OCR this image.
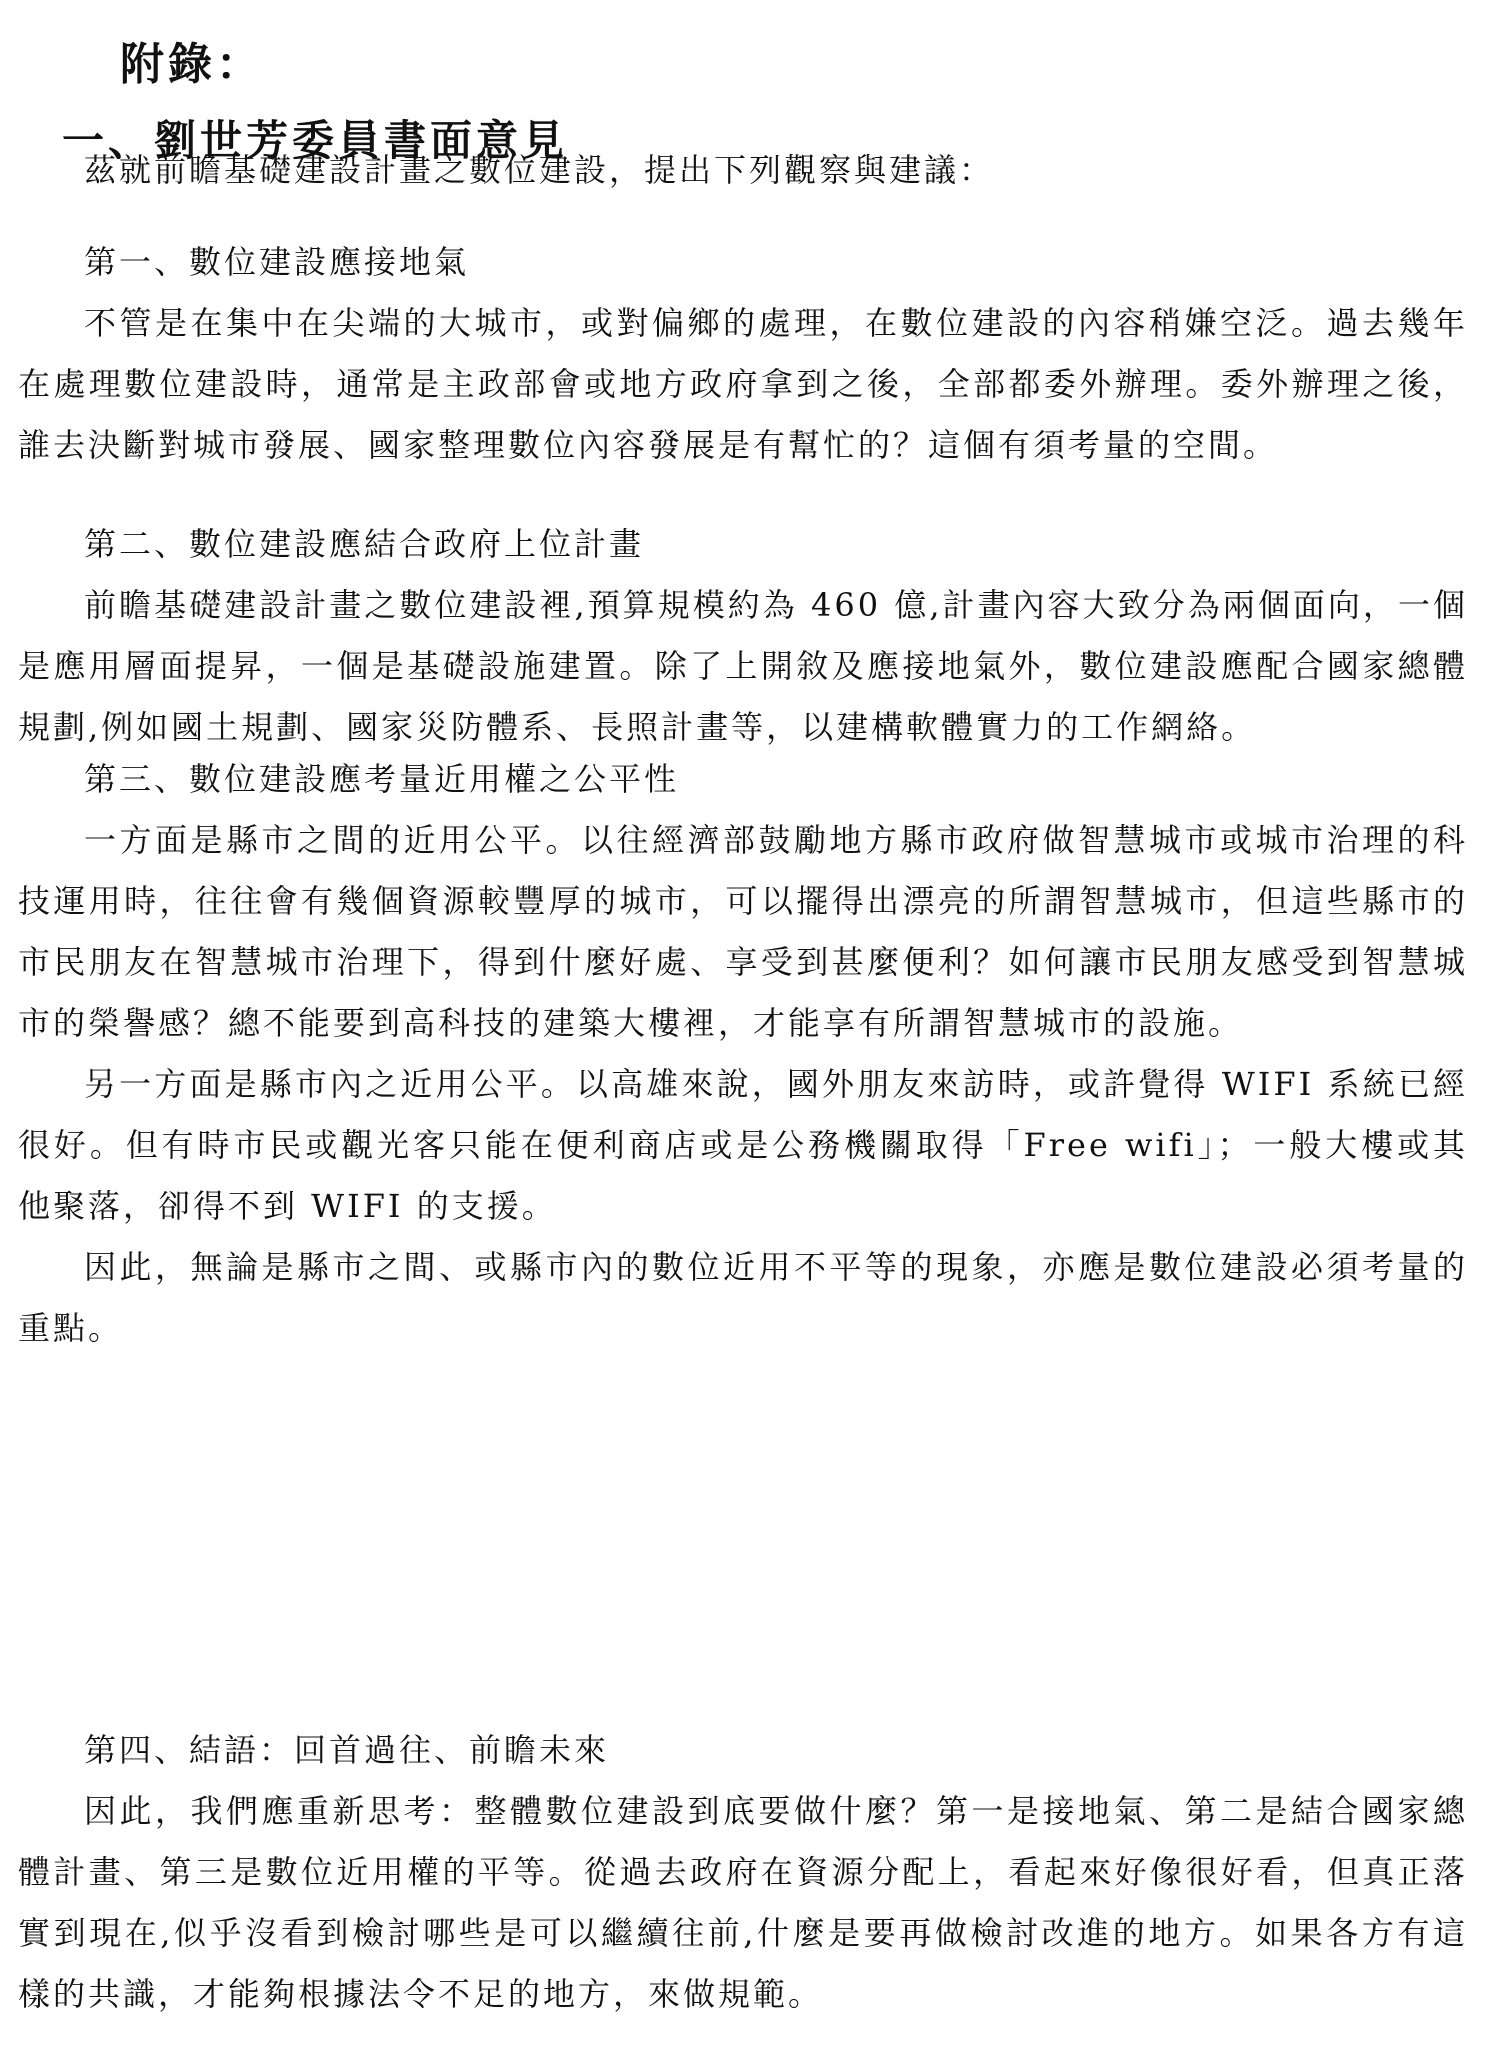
附錄：
一、劉世芳委員書面意見

茲就前瞻基礎建設計畫之數位建設，提出下列觀察與建議：

第一、數位建設應接地氣

不管是在集中在尖端的大城市，或對偏鄉的處理，在數位建設的內容稍嫌空泛。過去幾年在處理數位建設時，通常是主政部會或地方政府拿到之後，全部都委外辦理。委外辦理之後，誰去決斷對城市發展、國家整理數位內容發展是有幫忙的？這個有須考量的空間。

第二、數位建設應結合政府上位計畫

前瞻基礎建設計畫之數位建設裡,預算規模約為 460 億,計畫內容大致分為兩個面向，一個是應用層面提昇，一個是基礎設施建置。除了上開敘及應接地氣外，數位建設應配合國家總體規劃,例如國土規劃、國家災防體系、長照計畫等，以建構軟體實力的工作網絡。

第三、數位建設應考量近用權之公平性

一方面是縣市之間的近用公平。以往經濟部鼓勵地方縣市政府做智慧城市或城市治理的科技運用時，往往會有幾個資源較豐厚的城市，可以擺得出漂亮的所謂智慧城市，但這些縣市的市民朋友在智慧城市治理下，得到什麼好處、享受到甚麼便利？如何讓市民朋友感受到智慧城市的榮譽感？總不能要到高科技的建築大樓裡，才能享有所謂智慧城市的設施。

另一方面是縣市內之近用公平。以高雄來說，國外朋友來訪時，或許覺得 WIFI 系統已經很好。但有時市民或觀光客只能在便利商店或是公務機關取得「Free wifi」；一般大樓或其他聚落，卻得不到 WIFI 的支援。

因此，無論是縣市之間、或縣市內的數位近用不平等的現象，亦應是數位建設必須考量的重點。

第四、結語：回首過往、前瞻未來

因此，我們應重新思考：整體數位建設到底要做什麼？第一是接地氣、第二是結合國家總體計畫、第三是數位近用權的平等。從過去政府在資源分配上，看起來好像很好看，但真正落實到現在,似乎沒看到檢討哪些是可以繼續往前,什麼是要再做檢討改進的地方。如果各方有這樣的共識，才能夠根據法令不足的地方，來做規範。
